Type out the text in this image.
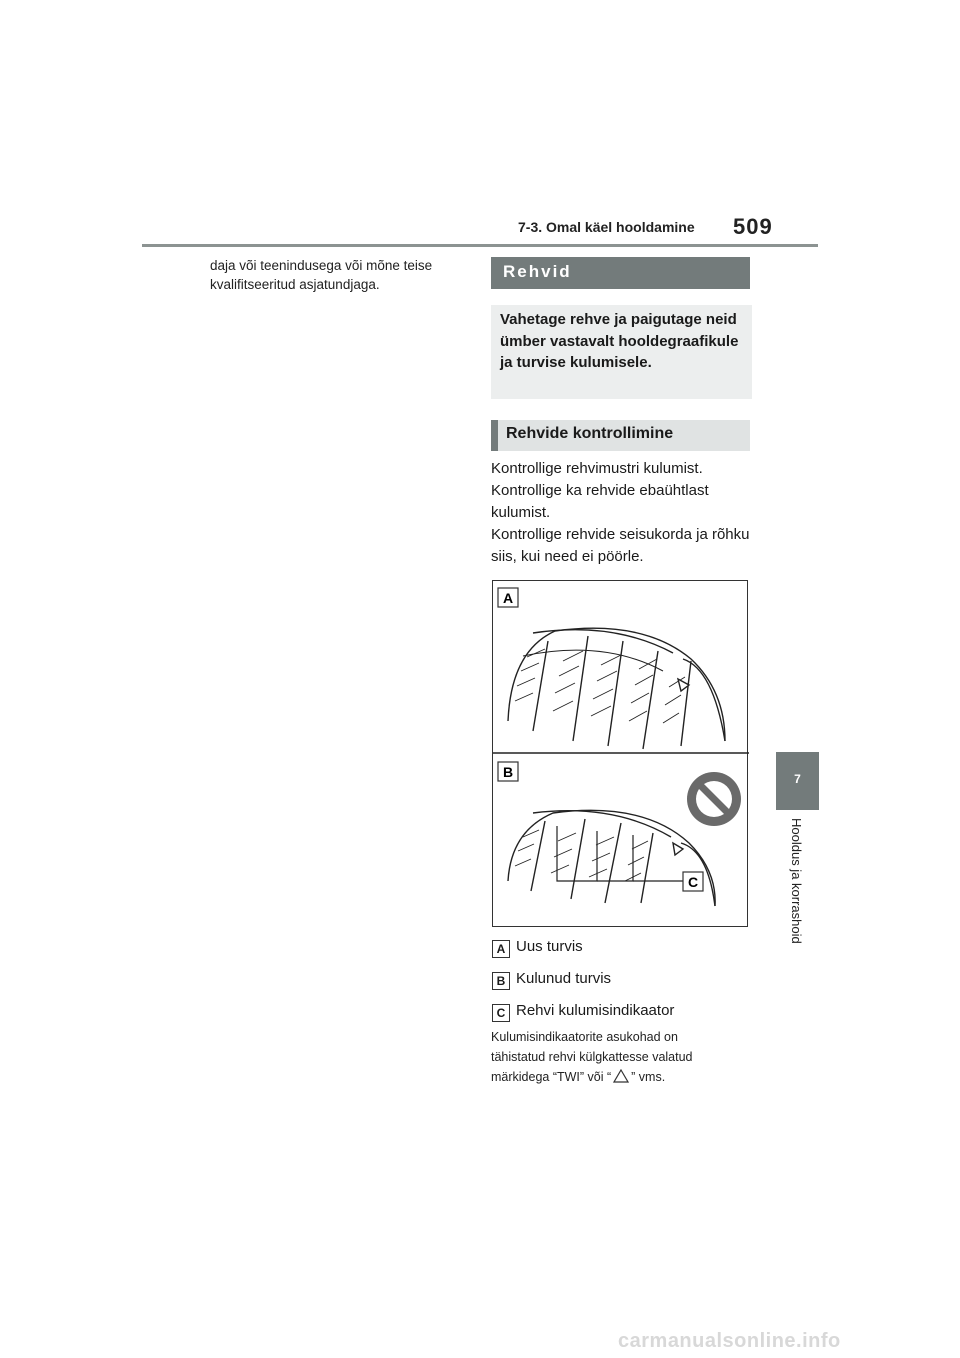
7-3. Omal käel hooldamine 509
daja või teenindusega või mõne teise kvalifitseeritud asjatundjaga.
Rehvid
Vahetage rehve ja paigutage neid ümber vastavalt hooldegraafikule ja turvise kulumisele.
Rehvide kontrollimine

Kontrollige rehvimustri kulumist.

Kontrollige ka rehvide ebaühtlast kulumist.

Kontrollige rehvide seisukorda ja rõhku siis, kui need ei pöörle.

A
B
C
A Uus turvis
B Kulunud turvis
C Rehvi kulumisindikaator
Kulumisindikaatorite asukohad on
tähistatud rehvi külgkattesse valatud
märkidega “TWI” või “ ” vms.
7
Hooldus ja korrashoid
carmanualsonline.info
